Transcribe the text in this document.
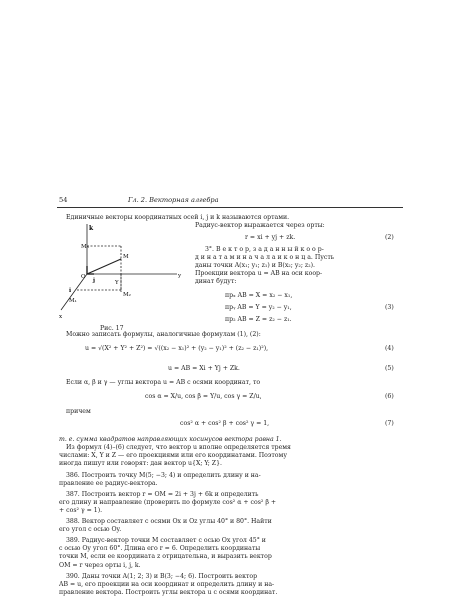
54	Гл. 2. Векторная алгебра
k
M₃
M
O
j	Y
M₂
y
M₁
x
i
Рис. 17
Единичные векторы координатных осей i, j и k называются ортами.
Радиус-вектор выражается через орты:
r = xi + yj + zk.	(2)
3°. В е к т о р, з а д а н н ы й к о о р-
д и н а т а м и н а ч а л а и к о н ц а. Пусть
даны точки A(x₁; y₁; z₁) и B(x₂; y₂; z₂).
Проекции вектора u = AB на оси коор-
динат будут:
прₓ AB = X = x₂ − x₁,
прᵧ AB = Y = y₂ − y₁,	(3)
пр₂ AB = Z = z₂ − z₁.
Можно записать формулы, аналогичные формулам (1), (2):
u = √(X² + Y² + Z²) = √((x₂ − x₁)² + (y₂ − y₁)² + (z₂ − z₁)²),	(4)
u = AB = Xi + Yj + Zk.	(5)
Если α, β и γ — углы вектора u = AB с осями координат, то
cos α = X/u, cos β = Y/u, cos γ = Z/u,	(6)
причем
cos² α + cos² β + cos² γ = 1,	(7)
т. е. сумма квадратов направляющих косинусов вектора равна 1.
Из формул (4)–(6) следует, что вектор u вполне определяется тремя
числами: X, Y и Z — его проекциями или его координатами. Поэтому
иногда пишут или говорят: дан вектор u{X; Y; Z}.
386. Построить точку M(5; −3; 4) и определить длину и на-
правление ее радиус-вектора.
387. Построить вектор r = OM = 2i + 3j + 6k и определить
его длину и направление (проверить по формуле cos² α + cos² β +
+ cos² γ = 1).
388. Вектор составляет с осями Ox и Oz углы 40° и 80°. Найти
его угол с осью Oy.
389. Радиус-вектор точки M составляет с осью Ox угол 45° и
с осью Oy угол 60°. Длина его r = 6. Определить координаты
точки M, если ее координата z отрицательна, и выразить вектор
OM = r через орты i, j, k.
390. Даны точки A(1; 2; 3) и B(3; −4; 6). Построить вектор
AB = u, его проекции на оси координат и определить длину и на-
правление вектора. Построить углы вектора u с осями координат.
